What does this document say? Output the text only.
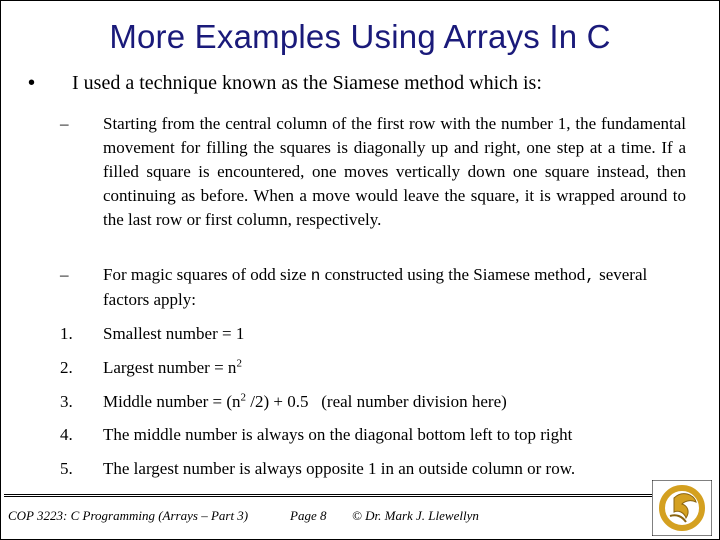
More Examples Using Arrays In C
• I used a technique known as the Siamese method which is:
– Starting from the central column of the first row with the number 1, the fundamental movement for filling the squares is diagonally up and right, one step at a time. If a filled square is encountered, one moves vertically down one square instead, then continuing as before. When a move would leave the square, it is wrapped around to the last row or first column, respectively.
– For magic squares of odd size n constructed using the Siamese method, several factors apply:
1. Smallest number = 1
2. Largest number = $n^2$
3. Middle number = ($n^2$ /2) + 0.5   (real number division here)
4. The middle number is always on the diagonal bottom left to top right
5. The largest number is always opposite 1 in an outside column or row.
COP 3223: C Programming (Arrays – Part 3)	Page 8 © Dr. Mark J. Llewellyn
